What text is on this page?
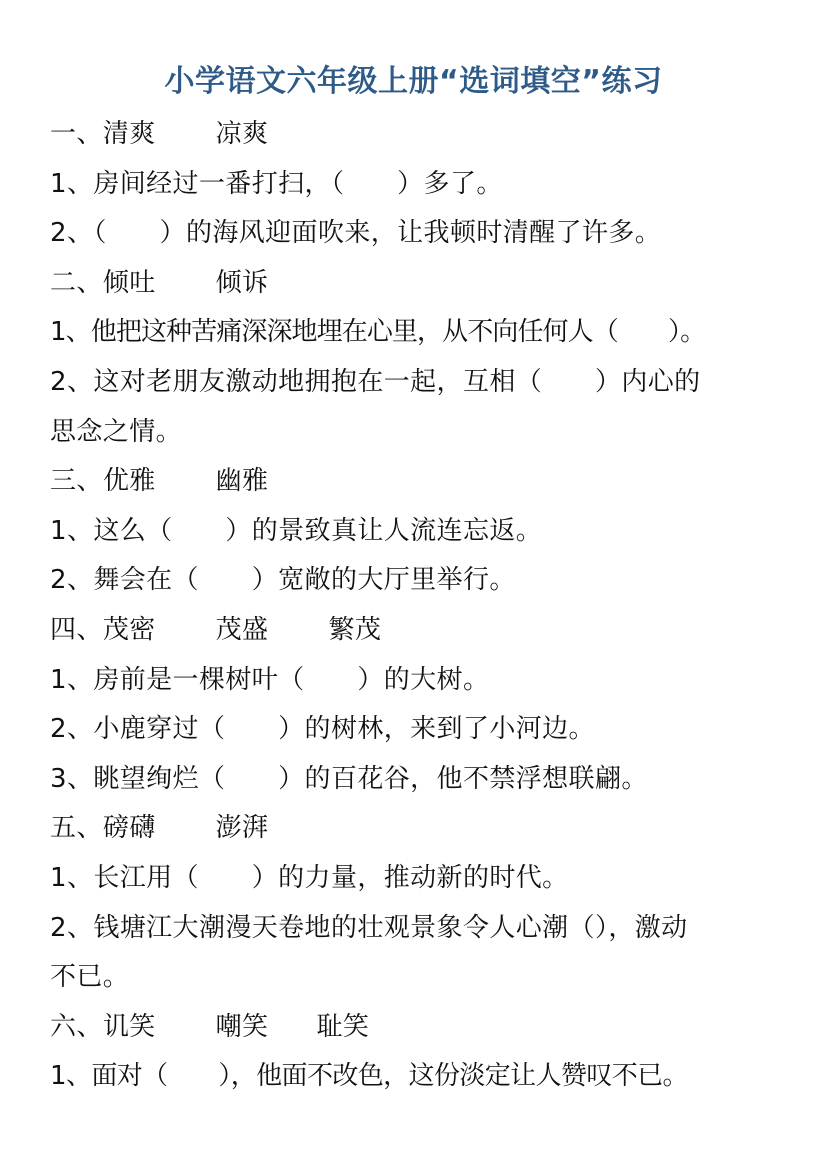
小学语文六年级上册“选词填空”练习
一、清爽 凉爽
1、房间经过一番打扫，（　　）多了。
2、（　　）的海风迎面吹来，让我顿时清醒了许多。
二、倾吐 倾诉
1、他把这种苦痛深深地埋在心里，从不向任何人（　　）。
2、这对老朋友激动地拥抱在一起，互相（　　）内心的
思念之情。
三、优雅 幽雅
1、这么（　　）的景致真让人流连忘返。
2、舞会在（　　）宽敞的大厅里举行。
四、茂密 茂盛 繁茂
1、房前是一棵树叶（　　）的大树。
2、小鹿穿过（　　）的树林，来到了小河边。
3、眺望绚烂（　　）的百花谷，他不禁浮想联翩。
五、磅礴 澎湃
1、长江用（　　）的力量，推动新的时代。
2、钱塘江大潮漫天卷地的壮观景象令人心潮（），激动
不已。
六、讥笑 嘲笑 耻笑
1、面对（　　），他面不改色，这份淡定让人赞叹不已。
